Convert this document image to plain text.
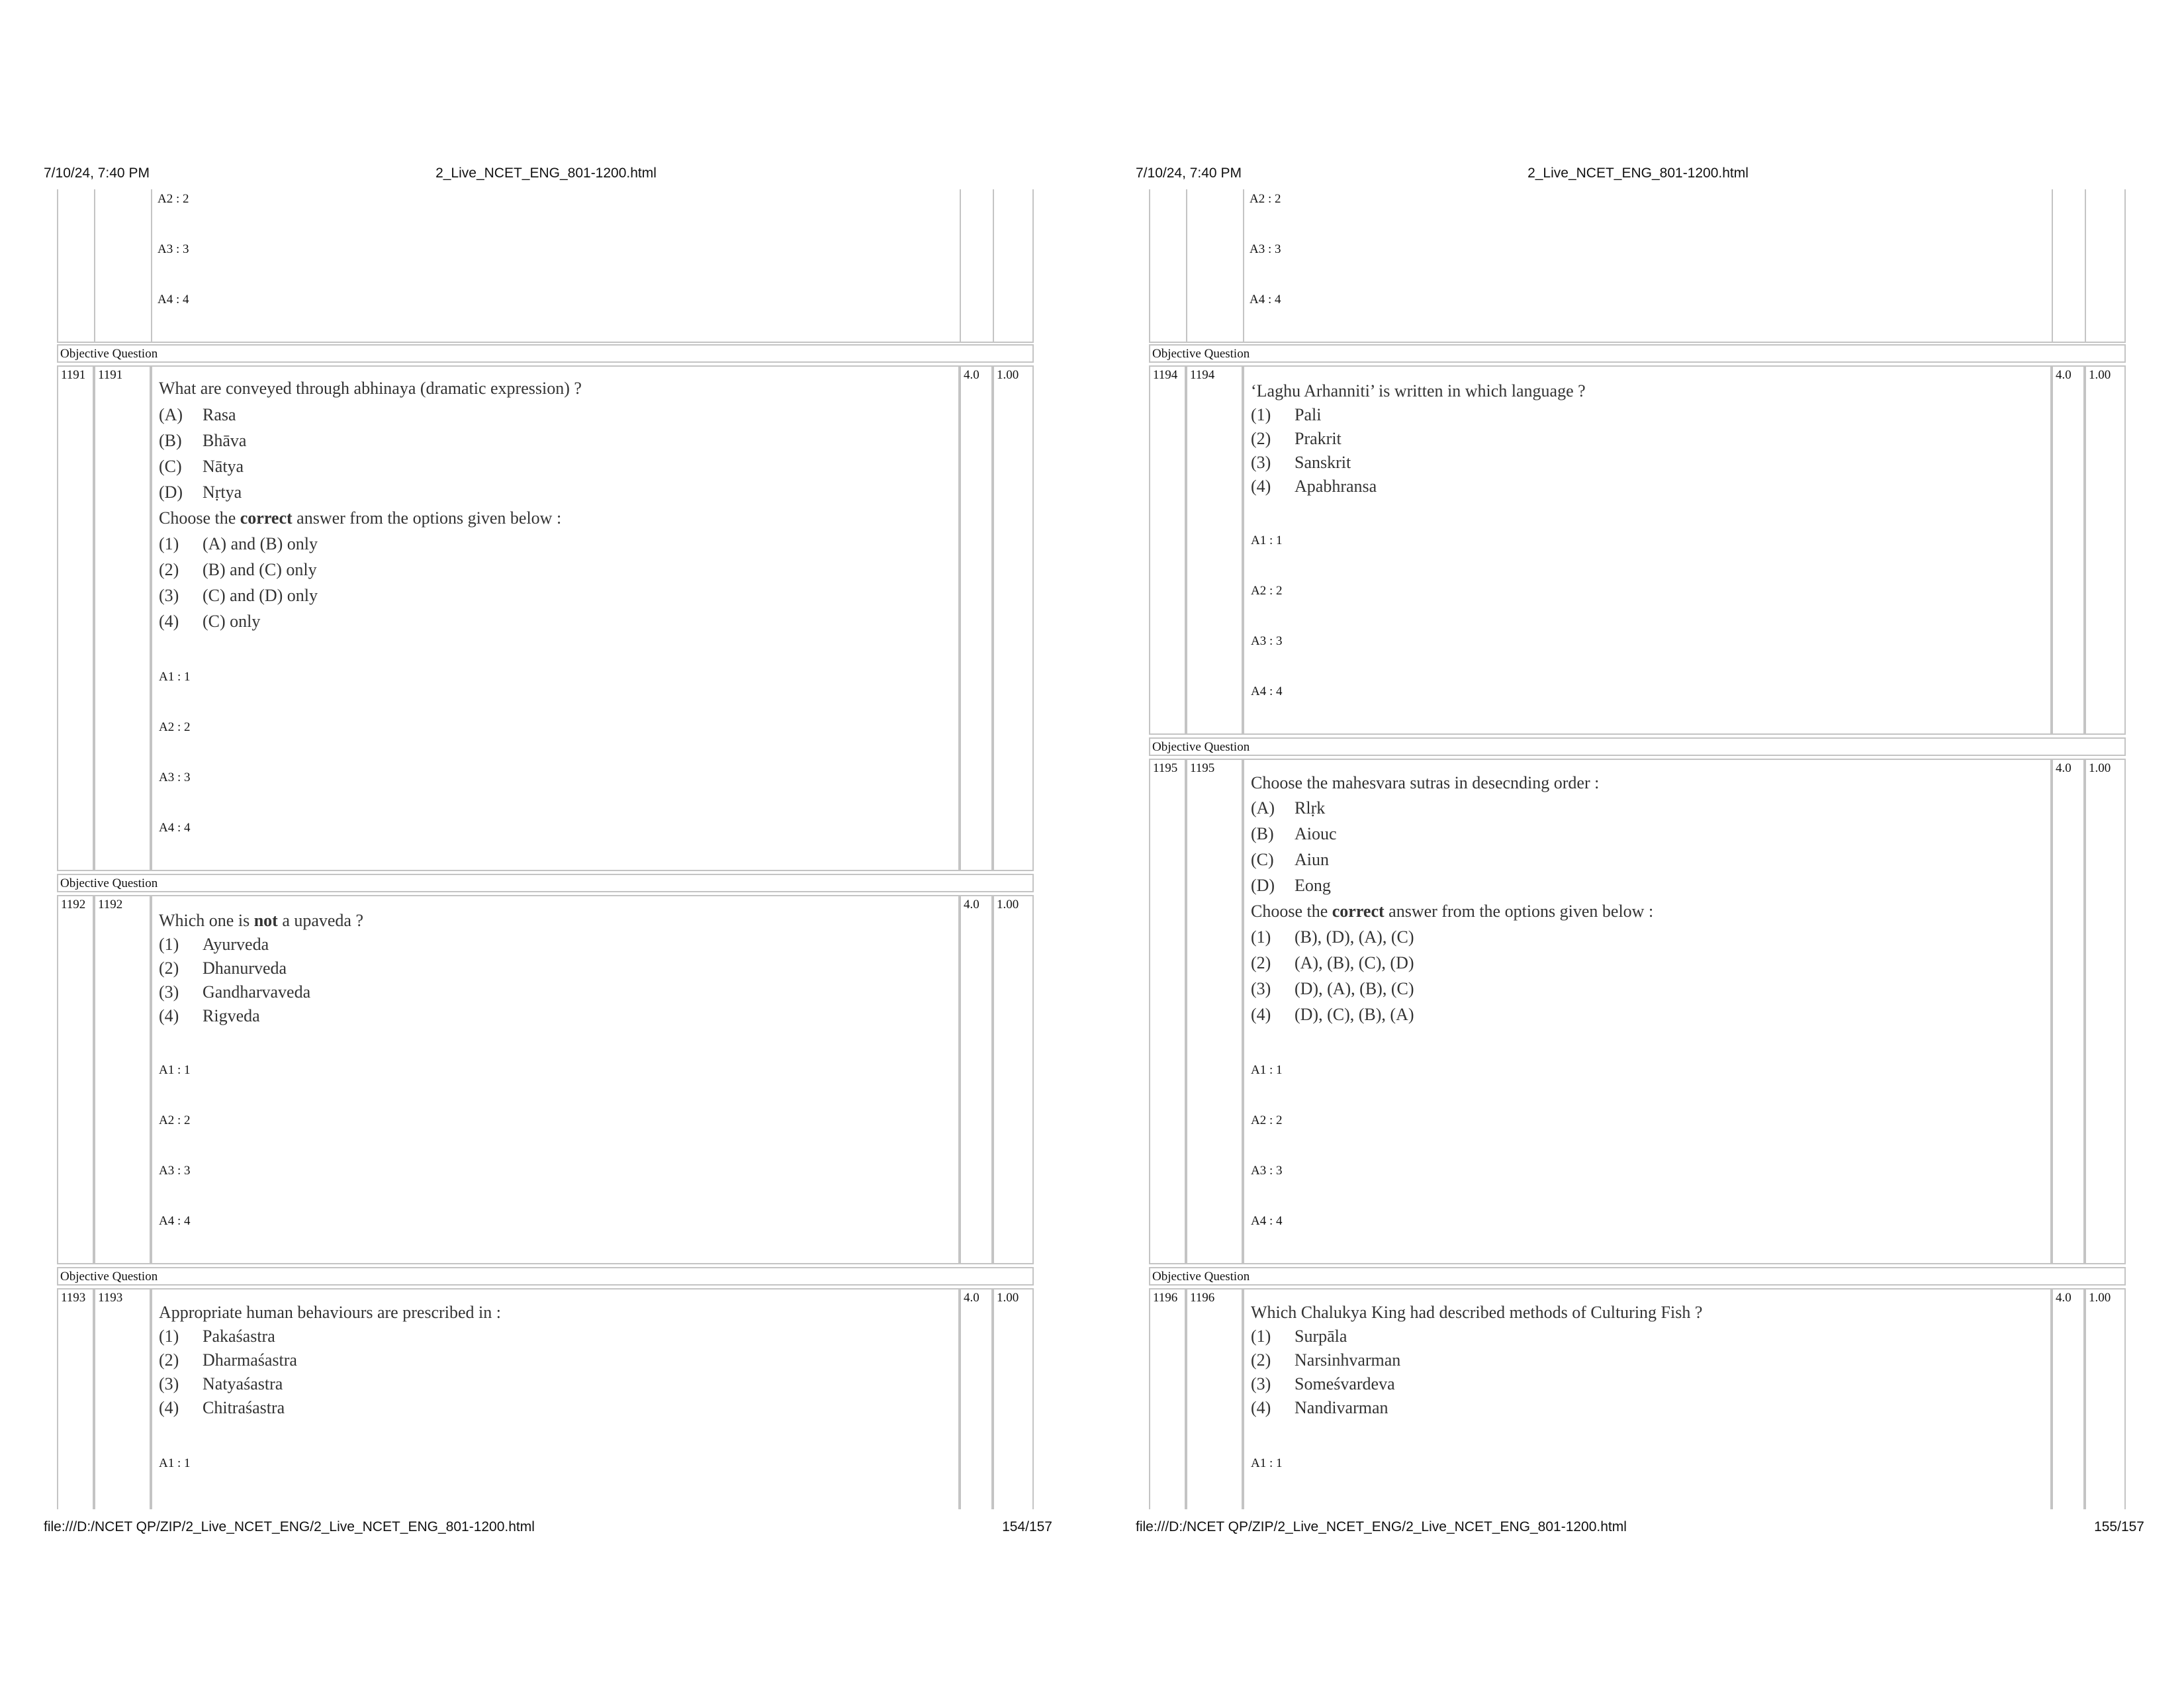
7/10/24, 7:40 PM	2_Live_NCET_ENG_801-1200.html
A2 : 2
A3 : 3
A4 : 4
Objective Question
1191 1191
What are conveyed through abhinaya (dramatic expression) ?
(A) Rasa
(B) Bhāva
(C) Nātya
(D) Nṛtya
Choose the correct answer from the options given below :
(1) (A) and (B) only
(2) (B) and (C) only
(3) (C) and (D) only
(4) (C) only
A1 : 1
A2 : 2
A3 : 3
A4 : 4
4.0 1.00
Objective Question
1192 1192
Which one is not a upaveda ?
(1) Ayurveda
(2) Dhanurveda
(3) Gandharvaveda
(4) Rigveda
A1 : 1
A2 : 2
A3 : 3
A4 : 4
4.0 1.00
Objective Question
1193 1193
Appropriate human behaviours are prescribed in :
(1) Pakaśastra
(2) Dharmaśastra
(3) Natyaśastra
(4) Chitraśastra
A1 : 1
4.0 1.00
file:///D:/NCET QP/ZIP/2_Live_NCET_ENG/2_Live_NCET_ENG_801-1200.html	154/157
7/10/24, 7:40 PM	2_Live_NCET_ENG_801-1200.html
A2 : 2
A3 : 3
A4 : 4
Objective Question
1194 1194
‘Laghu Arhanniti’ is written in which language ?
(1) Pali
(2) Prakrit
(3) Sanskrit
(4) Apabhransa
A1 : 1
A2 : 2
A3 : 3
A4 : 4
4.0 1.00
Objective Question
1195 1195
Choose the mahesvara sutras in desecnding order :
(A) Rlṛk
(B) Aiouc
(C) Aiun
(D) Eong
Choose the correct answer from the options given below :
(1) (B), (D), (A), (C)
(2) (A), (B), (C), (D)
(3) (D), (A), (B), (C)
(4) (D), (C), (B), (A)
A1 : 1
A2 : 2
A3 : 3
A4 : 4
4.0 1.00
Objective Question
1196 1196
Which Chalukya King had described methods of Culturing Fish ?
(1) Surpāla
(2) Narsinhvarman
(3) Someśvardeva
(4) Nandivarman
A1 : 1
4.0 1.00
file:///D:/NCET QP/ZIP/2_Live_NCET_ENG/2_Live_NCET_ENG_801-1200.html	155/157
